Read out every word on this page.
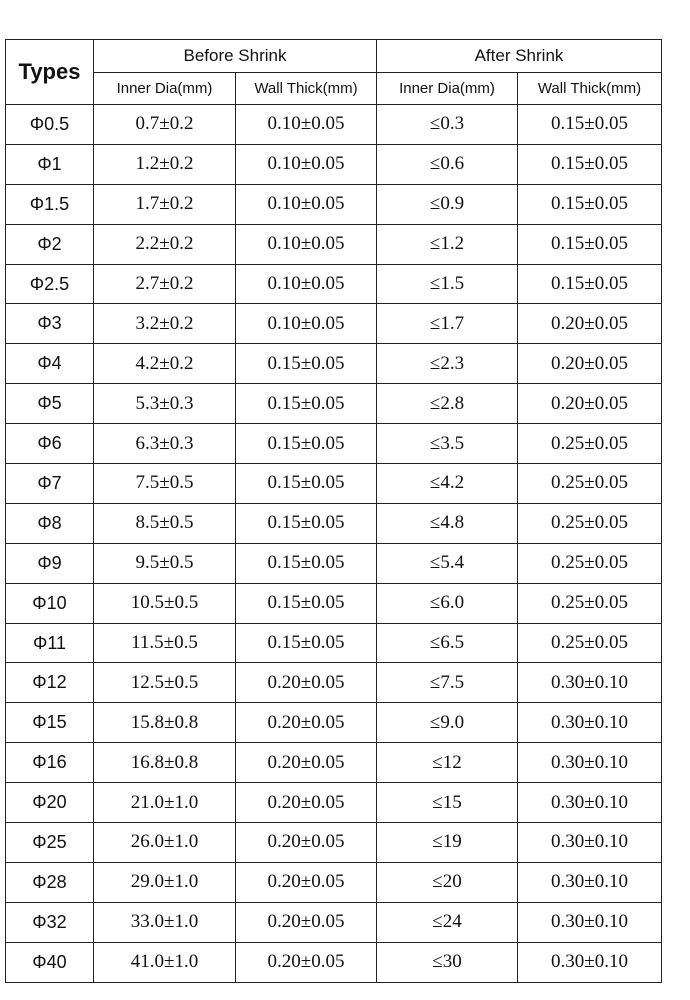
Types	Before Shrink		After Shrink	
	Inner Dia(mm)	Wall Thick(mm)	Inner Dia(mm)	Wall Thick(mm)
Φ0.5	0.7±0.2	0.10±0.05	≤0.3	0.15±0.05
Φ1	1.2±0.2	0.10±0.05	≤0.6	0.15±0.05
Φ1.5	1.7±0.2	0.10±0.05	≤0.9	0.15±0.05
Φ2	2.2±0.2	0.10±0.05	≤1.2	0.15±0.05
Φ2.5	2.7±0.2	0.10±0.05	≤1.5	0.15±0.05
Φ3	3.2±0.2	0.10±0.05	≤1.7	0.20±0.05
Φ4	4.2±0.2	0.15±0.05	≤2.3	0.20±0.05
Φ5	5.3±0.3	0.15±0.05	≤2.8	0.20±0.05
Φ6	6.3±0.3	0.15±0.05	≤3.5	0.25±0.05
Φ7	7.5±0.5	0.15±0.05	≤4.2	0.25±0.05
Φ8	8.5±0.5	0.15±0.05	≤4.8	0.25±0.05
Φ9	9.5±0.5	0.15±0.05	≤5.4	0.25±0.05
Φ10	10.5±0.5	0.15±0.05	≤6.0	0.25±0.05
Φ11	11.5±0.5	0.15±0.05	≤6.5	0.25±0.05
Φ12	12.5±0.5	0.20±0.05	≤7.5	0.30±0.10
Φ15	15.8±0.8	0.20±0.05	≤9.0	0.30±0.10
Φ16	16.8±0.8	0.20±0.05	≤12	0.30±0.10
Φ20	21.0±1.0	0.20±0.05	≤15	0.30±0.10
Φ25	26.0±1.0	0.20±0.05	≤19	0.30±0.10
Φ28	29.0±1.0	0.20±0.05	≤20	0.30±0.10
Φ32	33.0±1.0	0.20±0.05	≤24	0.30±0.10
Φ40	41.0±1.0	0.20±0.05	≤30	0.30±0.10
